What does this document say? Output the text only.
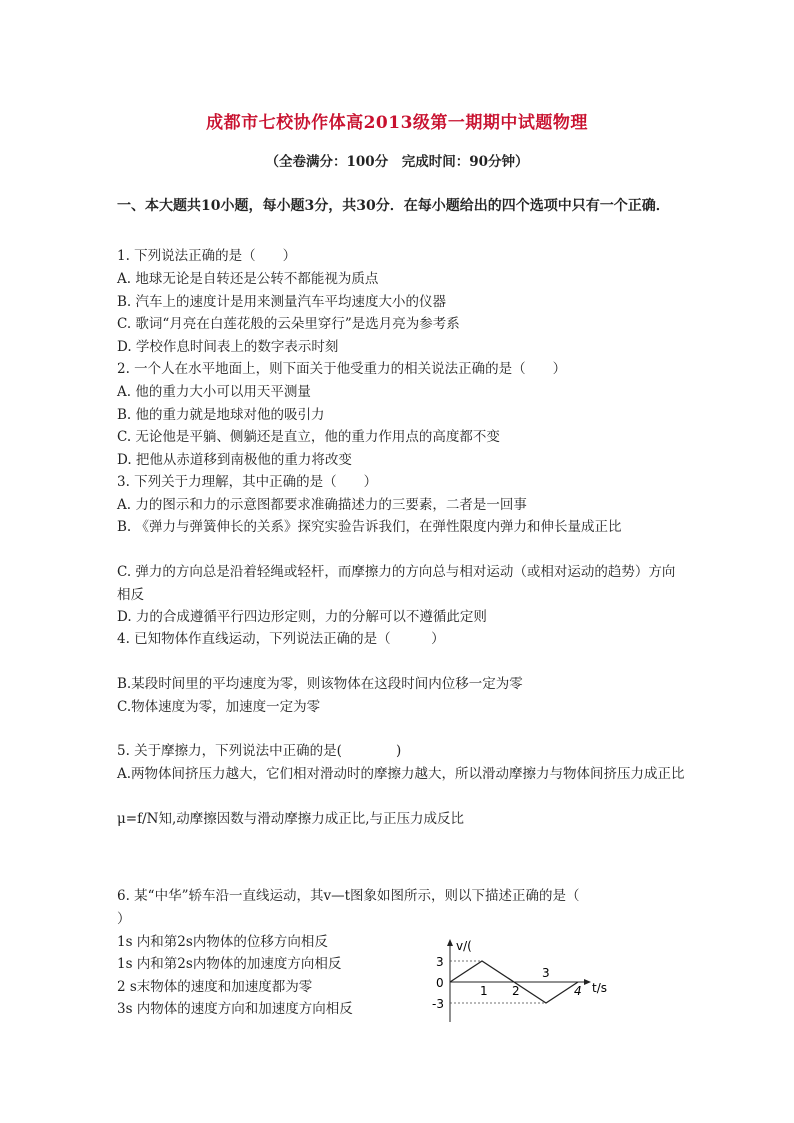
成都市七校协作体高2013级第一期期中试题物理
（全卷满分：100分　完成时间：90分钟）
一、本大题共10小题，每小题3分，共30分．在每小题给出的四个选项中只有一个正确．
1. 下列说法正确的是（　　）
A. 地球无论是自转还是公转不都能视为质点
B. 汽车上的速度计是用来测量汽车平均速度大小的仪器
C. 歌词“月亮在白莲花般的云朵里穿行”是选月亮为参考系
D. 学校作息时间表上的数字表示时刻
2. 一个人在水平地面上，则下面关于他受重力的相关说法正确的是（　　）
A. 他的重力大小可以用天平测量
B. 他的重力就是地球对他的吸引力
C. 无论他是平躺、侧躺还是直立，他的重力作用点的高度都不变
D. 把他从赤道移到南极他的重力将改变
3. 下列关于力理解，其中正确的是（　　）
A. 力的图示和力的示意图都要求准确描述力的三要素，二者是一回事
B. 《弹力与弹簧伸长的关系》探究实验告诉我们，在弹性限度内弹力和伸长量成正比
C. 弹力的方向总是沿着轻绳或轻杆，而摩擦力的方向总与相对运动（或相对运动的趋势）方向相反
D. 力的合成遵循平行四边形定则，力的分解可以不遵循此定则
4. 已知物体作直线运动，下列说法正确的是（　　　）
B.某段时间里的平均速度为零，则该物体在这段时间内位移一定为零
C.物体速度为零，加速度一定为零
5. 关于摩擦力，下列说法中正确的是(　　　　)
A.两物体间挤压力越大，它们相对滑动时的摩擦力越大，所以滑动摩擦力与物体间挤压力成正比
μ=f/N知,动摩擦因数与滑动摩擦力成正比,与正压力成反比
6. 某“中华”轿车沿一直线运动，其v—t图象如图所示，则以下描述正确的是（
）
1s 内和第2s内物体的位移方向相反
1s 内和第2s内物体的加速度方向相反
2 s末物体的速度和加速度都为零
3s 内物体的速度方向和加速度方向相反
v/(
t/s
3
0
-3
1 2
3
4
